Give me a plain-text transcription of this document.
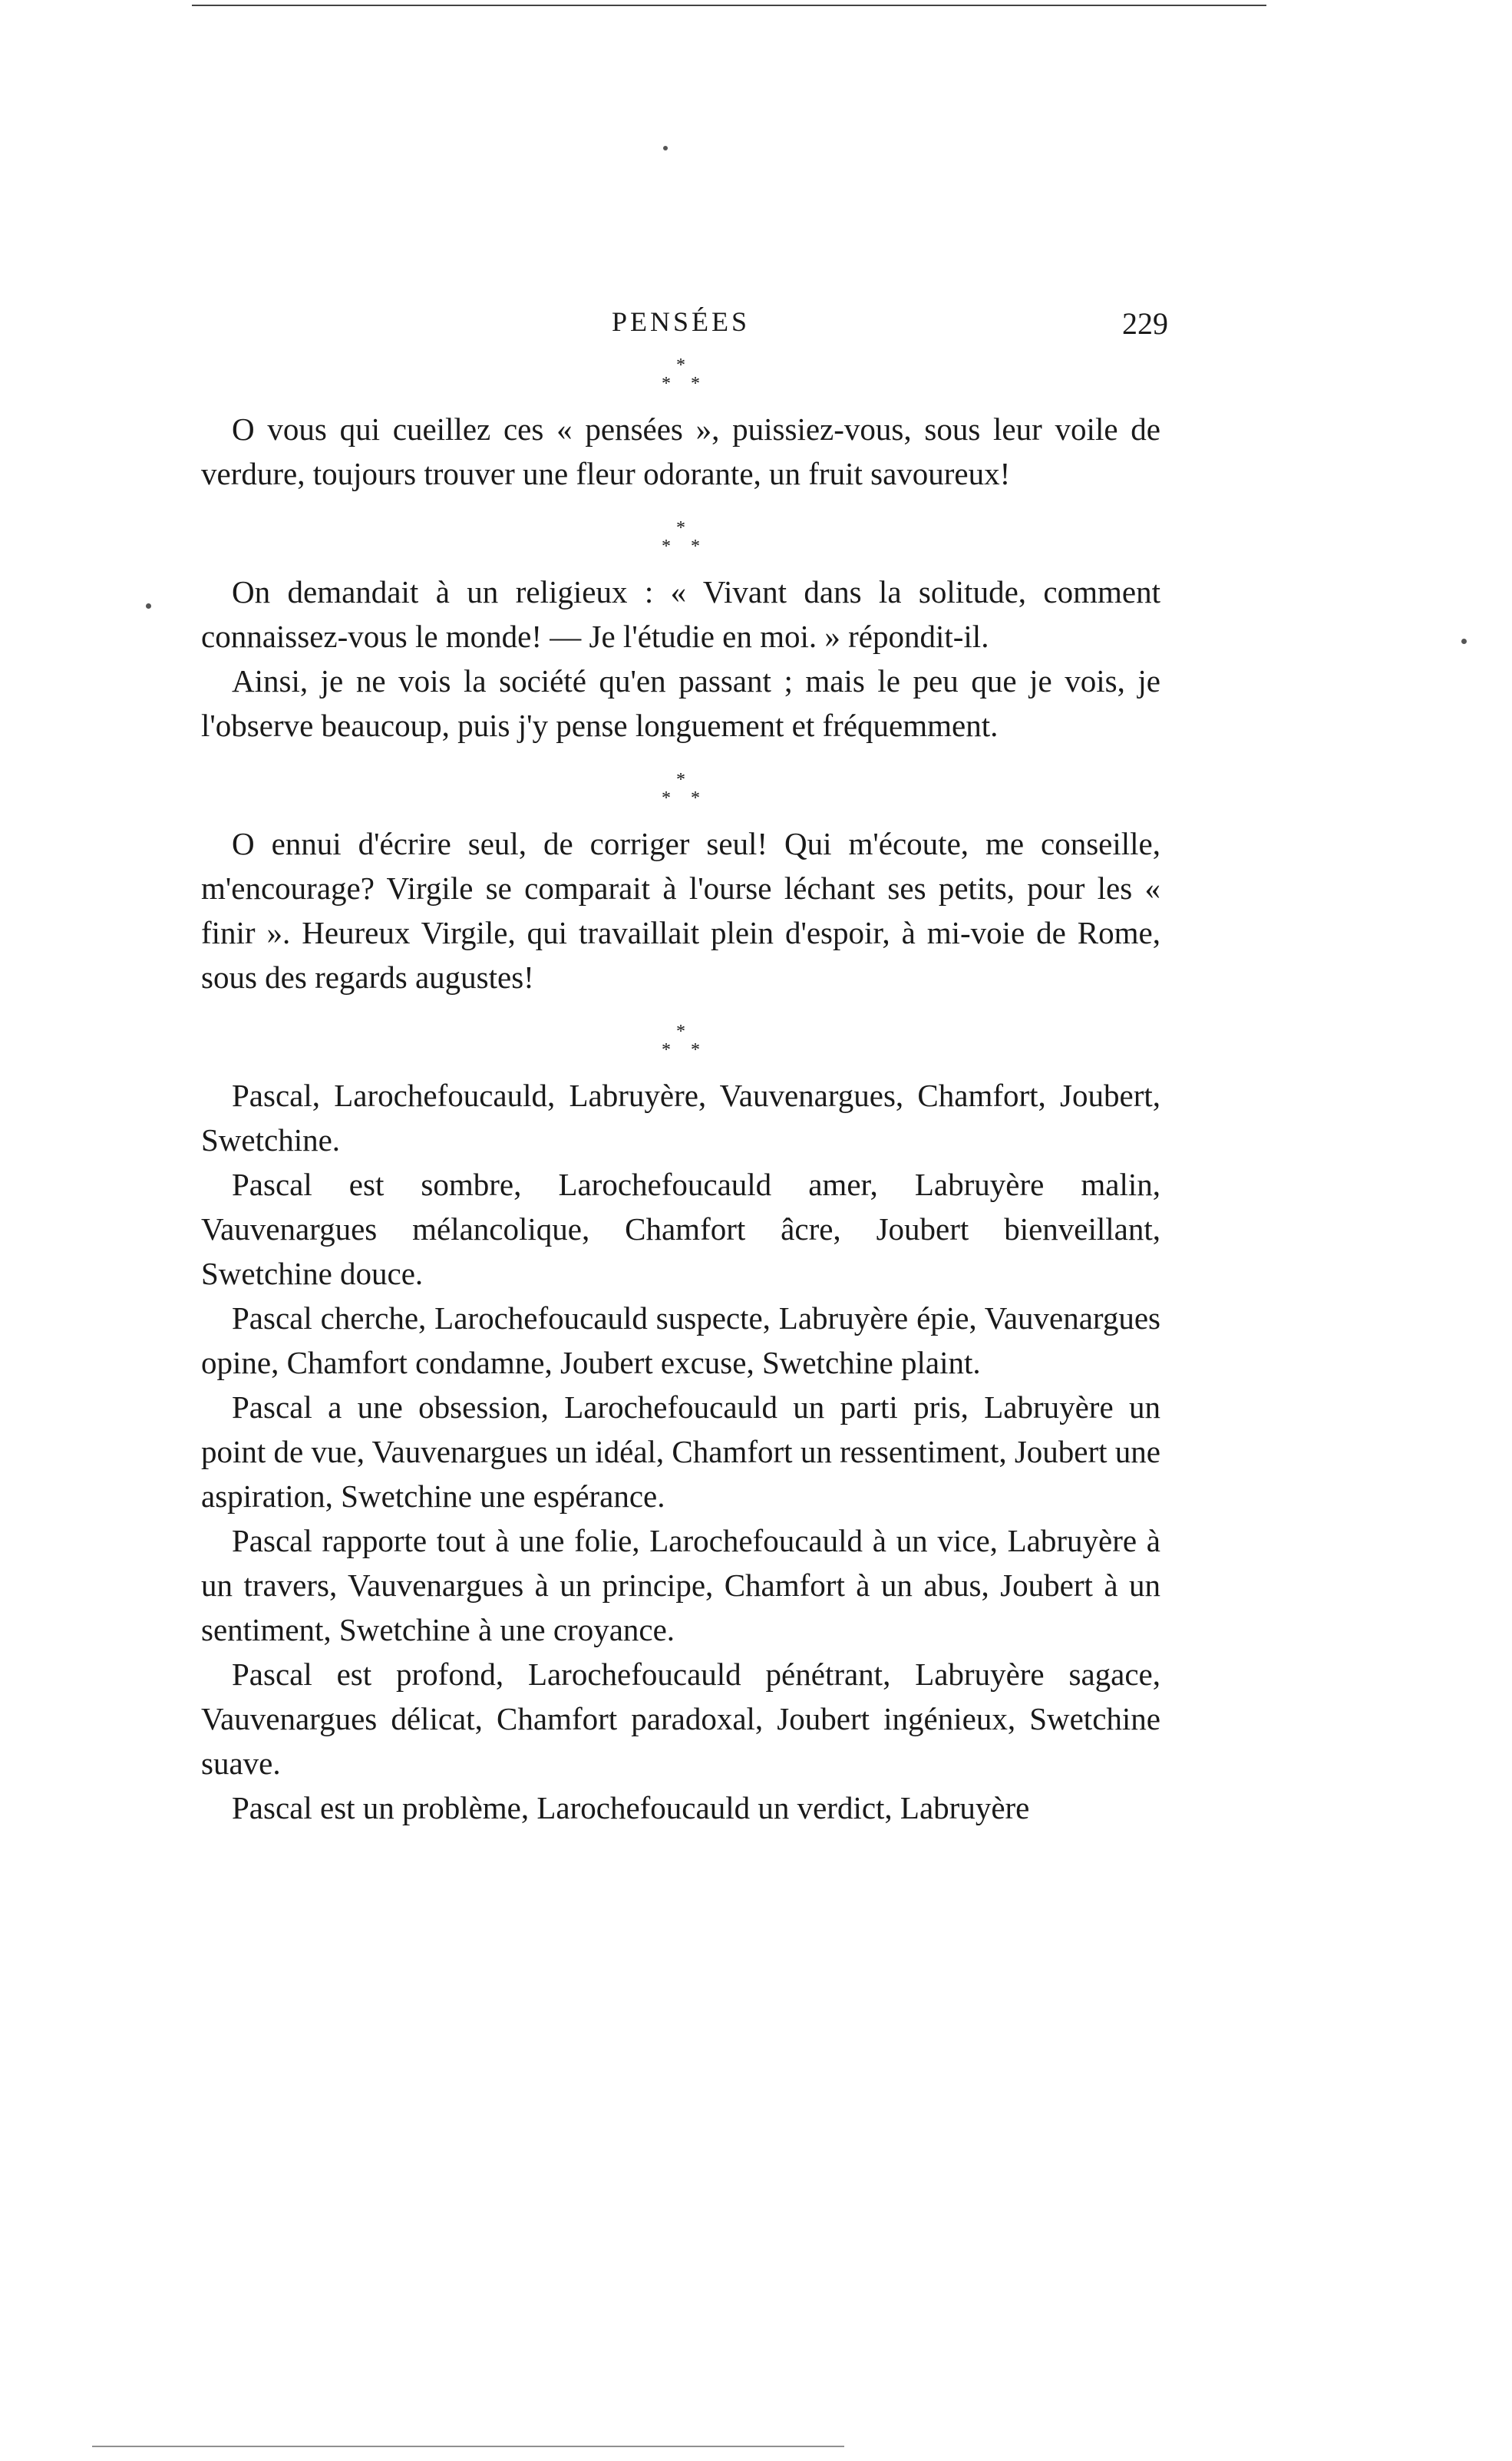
PENSÉES	229
*
* *

O vous qui cueillez ces « pensées », puissiez-vous, sous leur voile de verdure, toujours trouver une fleur odorante, un fruit savoureux!

*
* *

On demandait à un religieux : « Vivant dans la solitude, comment connaissez-vous le monde! — Je l'étudie en moi. » répondit-il.

Ainsi, je ne vois la société qu'en passant ; mais le peu que je vois, je l'observe beaucoup, puis j'y pense longuement et fréquemment.

*
* *

O ennui d'écrire seul, de corriger seul! Qui m'écoute, me conseille, m'encourage? Virgile se comparait à l'ourse léchant ses petits, pour les « finir ». Heureux Virgile, qui travaillait plein d'espoir, à mi-voie de Rome, sous des regards augustes!

*
* *

Pascal, Larochefoucauld, Labruyère, Vauvenargues, Chamfort, Joubert, Swetchine.

Pascal est sombre, Larochefoucauld amer, Labruyère malin, Vauvenargues mélancolique, Chamfort âcre, Joubert bienveillant, Swetchine douce.

Pascal cherche, Larochefoucauld suspecte, Labruyère épie, Vauvenargues opine, Chamfort condamne, Joubert excuse, Swetchine plaint.

Pascal a une obsession, Larochefoucauld un parti pris, Labruyère un point de vue, Vauvenargues un idéal, Chamfort un ressentiment, Joubert une aspiration, Swetchine une espérance.

Pascal rapporte tout à une folie, Larochefoucauld à un vice, Labruyère à un travers, Vauvenargues à un principe, Chamfort à un abus, Joubert à un sentiment, Swetchine à une croyance.

Pascal est profond, Larochefoucauld pénétrant, Labruyère sagace, Vauvenargues délicat, Chamfort paradoxal, Joubert ingénieux, Swetchine suave.

Pascal est un problème, Larochefoucauld un verdict, Labruyère
